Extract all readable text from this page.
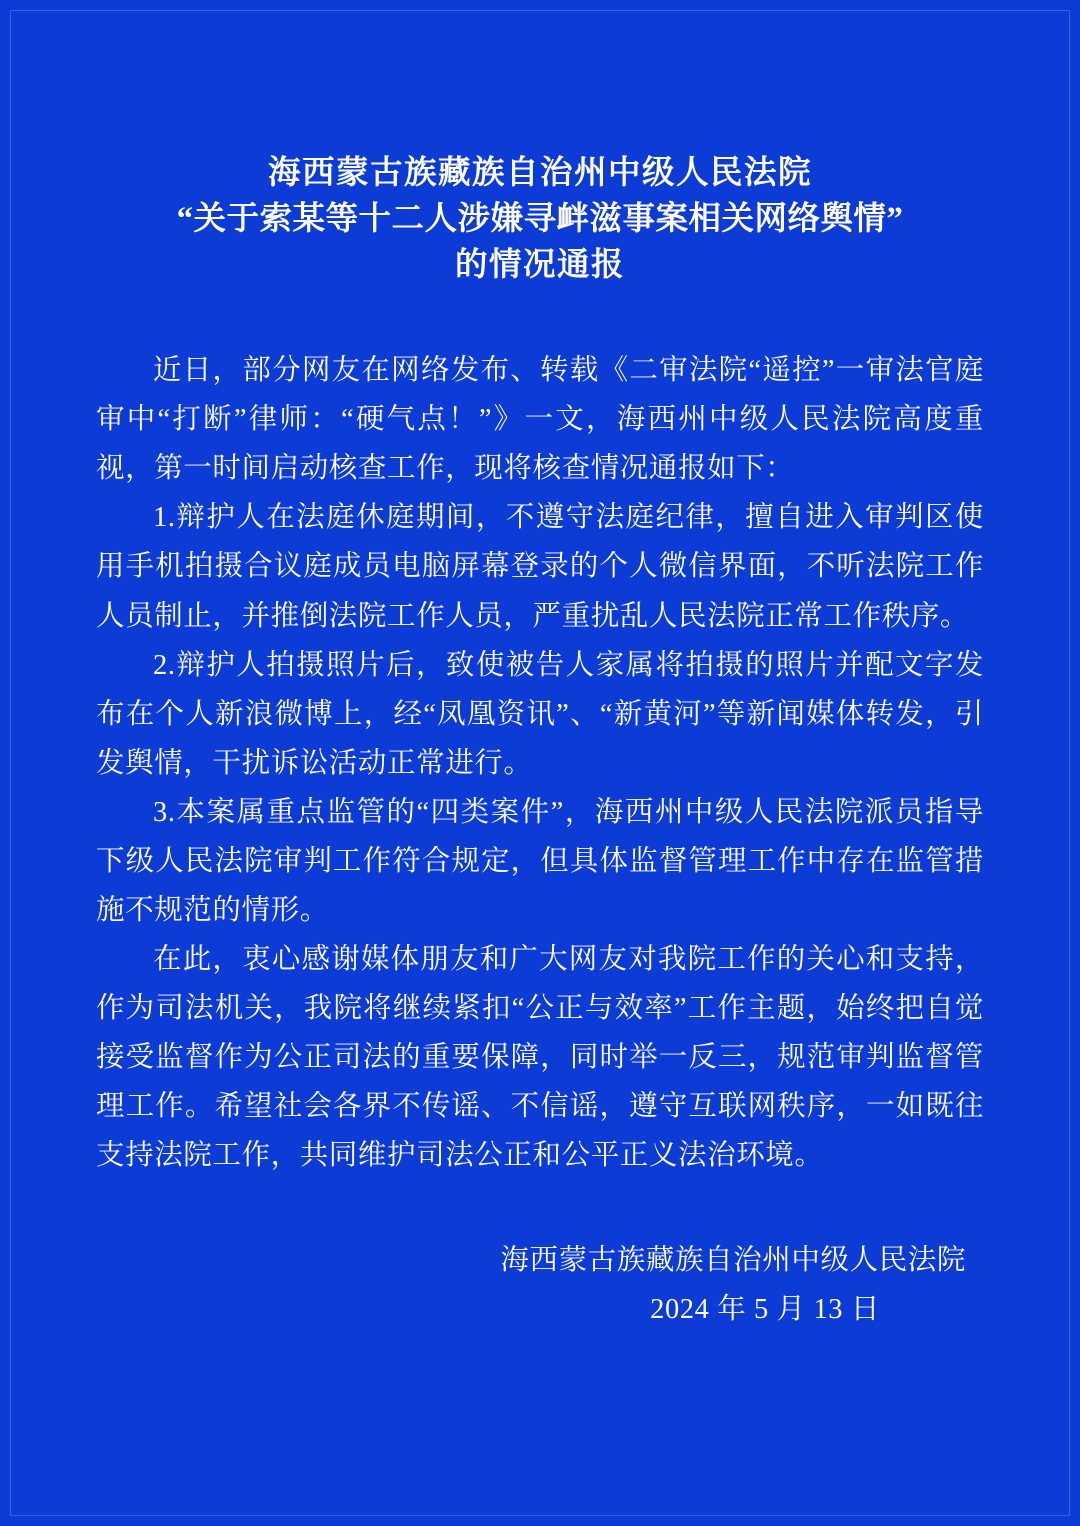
海西蒙古族藏族自治州中级人民法院
“关于索某等十二人涉嫌寻衅滋事案相关网络舆情”
的情况通报

近日，部分网友在网络发布、转载《二审法院“遥控”一审法官庭审中“打断”律师：“硬气点！”》一文，海西州中级人民法院高度重视，第一时间启动核查工作，现将核查情况通报如下：

1.辩护人在法庭休庭期间，不遵守法庭纪律，擅自进入审判区使用手机拍摄合议庭成员电脑屏幕登录的个人微信界面，不听法院工作人员制止，并推倒法院工作人员，严重扰乱人民法院正常工作秩序。

2.辩护人拍摄照片后，致使被告人家属将拍摄的照片并配文字发布在个人新浪微博上，经“凤凰资讯”、“新黄河”等新闻媒体转发，引发舆情，干扰诉讼活动正常进行。

3.本案属重点监管的“四类案件”，海西州中级人民法院派员指导下级人民法院审判工作符合规定，但具体监督管理工作中存在监管措施不规范的情形。

在此，衷心感谢媒体朋友和广大网友对我院工作的关心和支持，作为司法机关，我院将继续紧扣“公正与效率”工作主题，始终把自觉接受监督作为公正司法的重要保障，同时举一反三，规范审判监督管理工作。希望社会各界不传谣、不信谣，遵守互联网秩序，一如既往支持法院工作，共同维护司法公正和公平正义法治环境。

海西蒙古族藏族自治州中级人民法院
2024 年 5 月 13 日
